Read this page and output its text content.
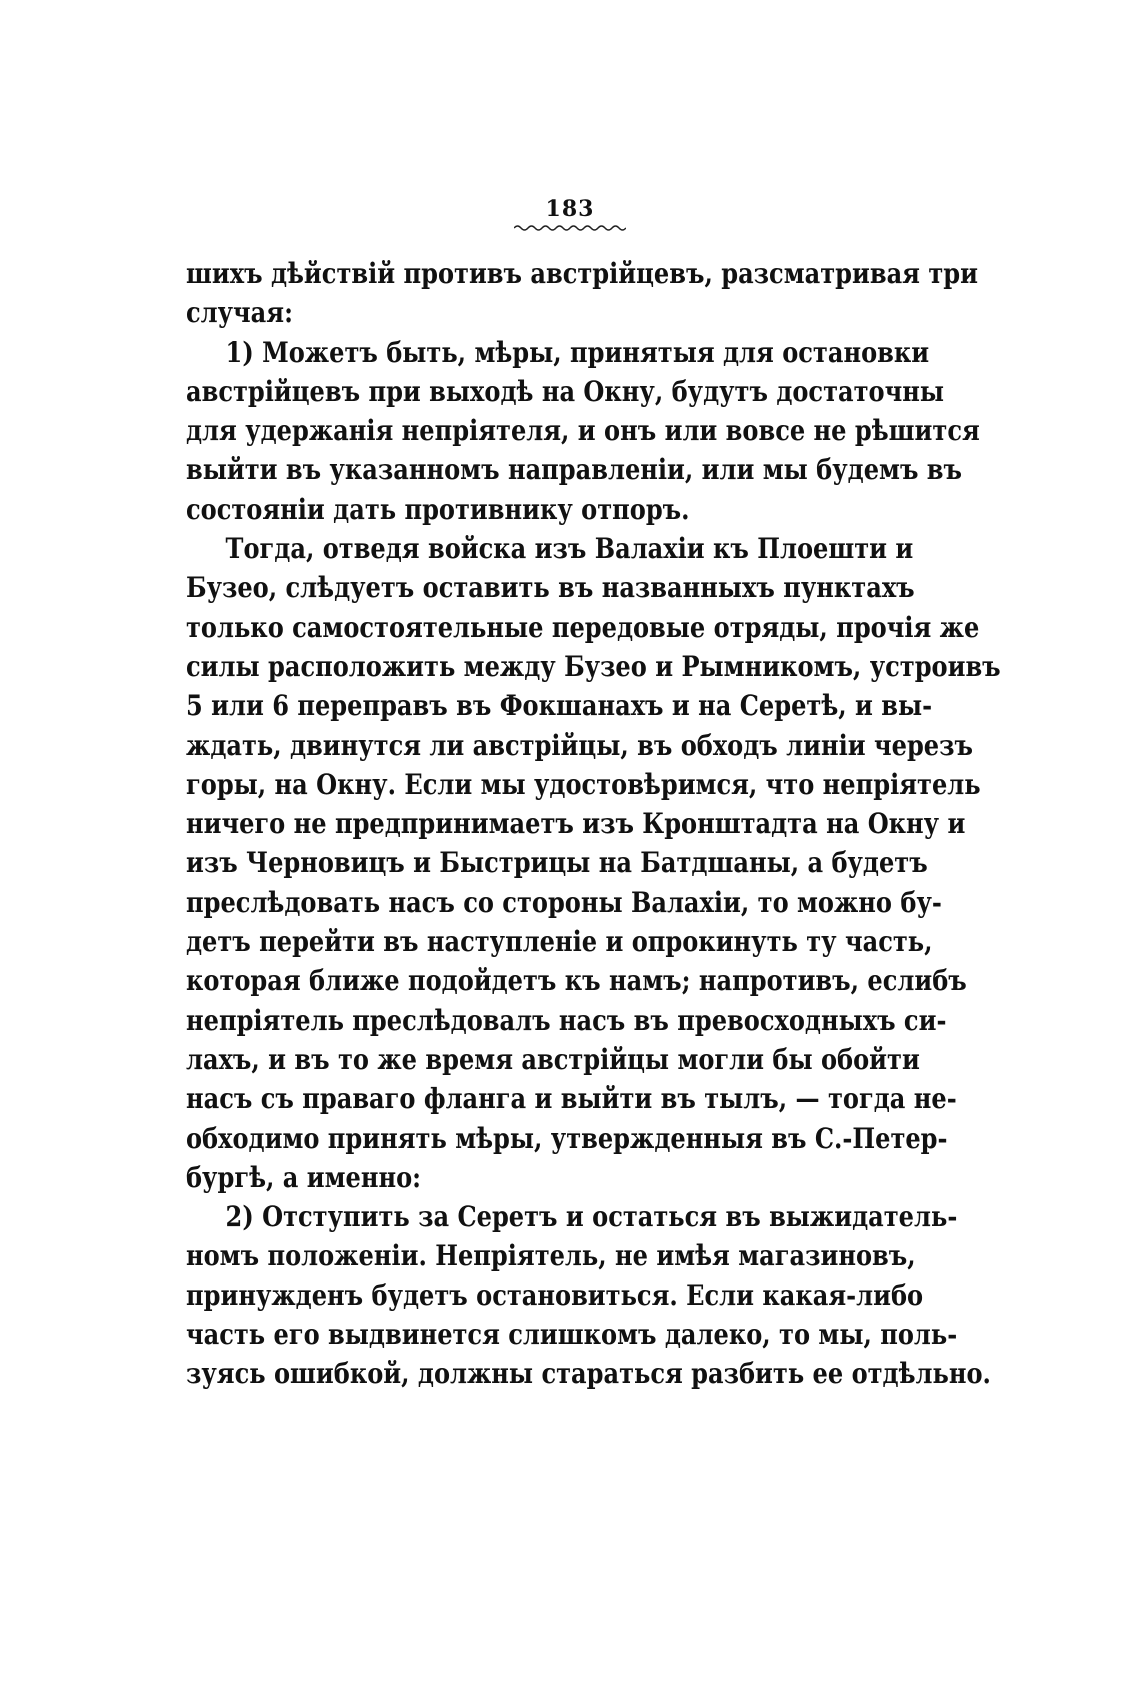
183
шихъ дѣйствій противъ австрійцевъ, разсматривая три
случая:
1) Можетъ быть, мѣры, принятыя для остановки
австрійцевъ при выходѣ на Окну, будутъ достаточны
для удержанія непріятеля, и онъ или вовсе не рѣшится
выйти въ указанномъ направленіи, или мы будемъ въ
состояніи дать противнику отпоръ.
Тогда, отведя войска изъ Валахіи къ Плоешти и
Бузео, слѣдуетъ оставить въ названныхъ пунктахъ
только самостоятельные передовые отряды, прочія же
силы расположить между Бузео и Рымникомъ, устроивъ
5 или 6 переправъ въ Фокшанахъ и на Серетѣ, и вы-
ждать, двинутся ли австрійцы, въ обходъ линіи черезъ
горы, на Окну. Если мы удостовѣримся, что непріятель
ничего не предпринимаетъ изъ Кронштадта на Окну и
изъ Черновицъ и Быстрицы на Батдшаны, а будетъ
преслѣдовать насъ со стороны Валахіи, то можно бу-
детъ перейти въ наступленіе и опрокинуть ту часть,
которая ближе подойдетъ къ намъ; напротивъ, еслибъ
непріятель преслѣдовалъ насъ въ превосходныхъ си-
лахъ, и въ то же время австрійцы могли бы обойти
насъ съ праваго фланга и выйти въ тылъ, — тогда не-
обходимо принять мѣры, утвержденныя въ С.-Петер-
бургѣ, а именно:
2) Отступить за Серетъ и остаться въ выжидатель-
номъ положеніи. Непріятель, не имѣя магазиновъ,
принужденъ будетъ остановиться. Если какая-либо
часть его выдвинется слишкомъ далеко, то мы, поль-
зуясь ошибкой, должны стараться разбить ее отдѣльно.
